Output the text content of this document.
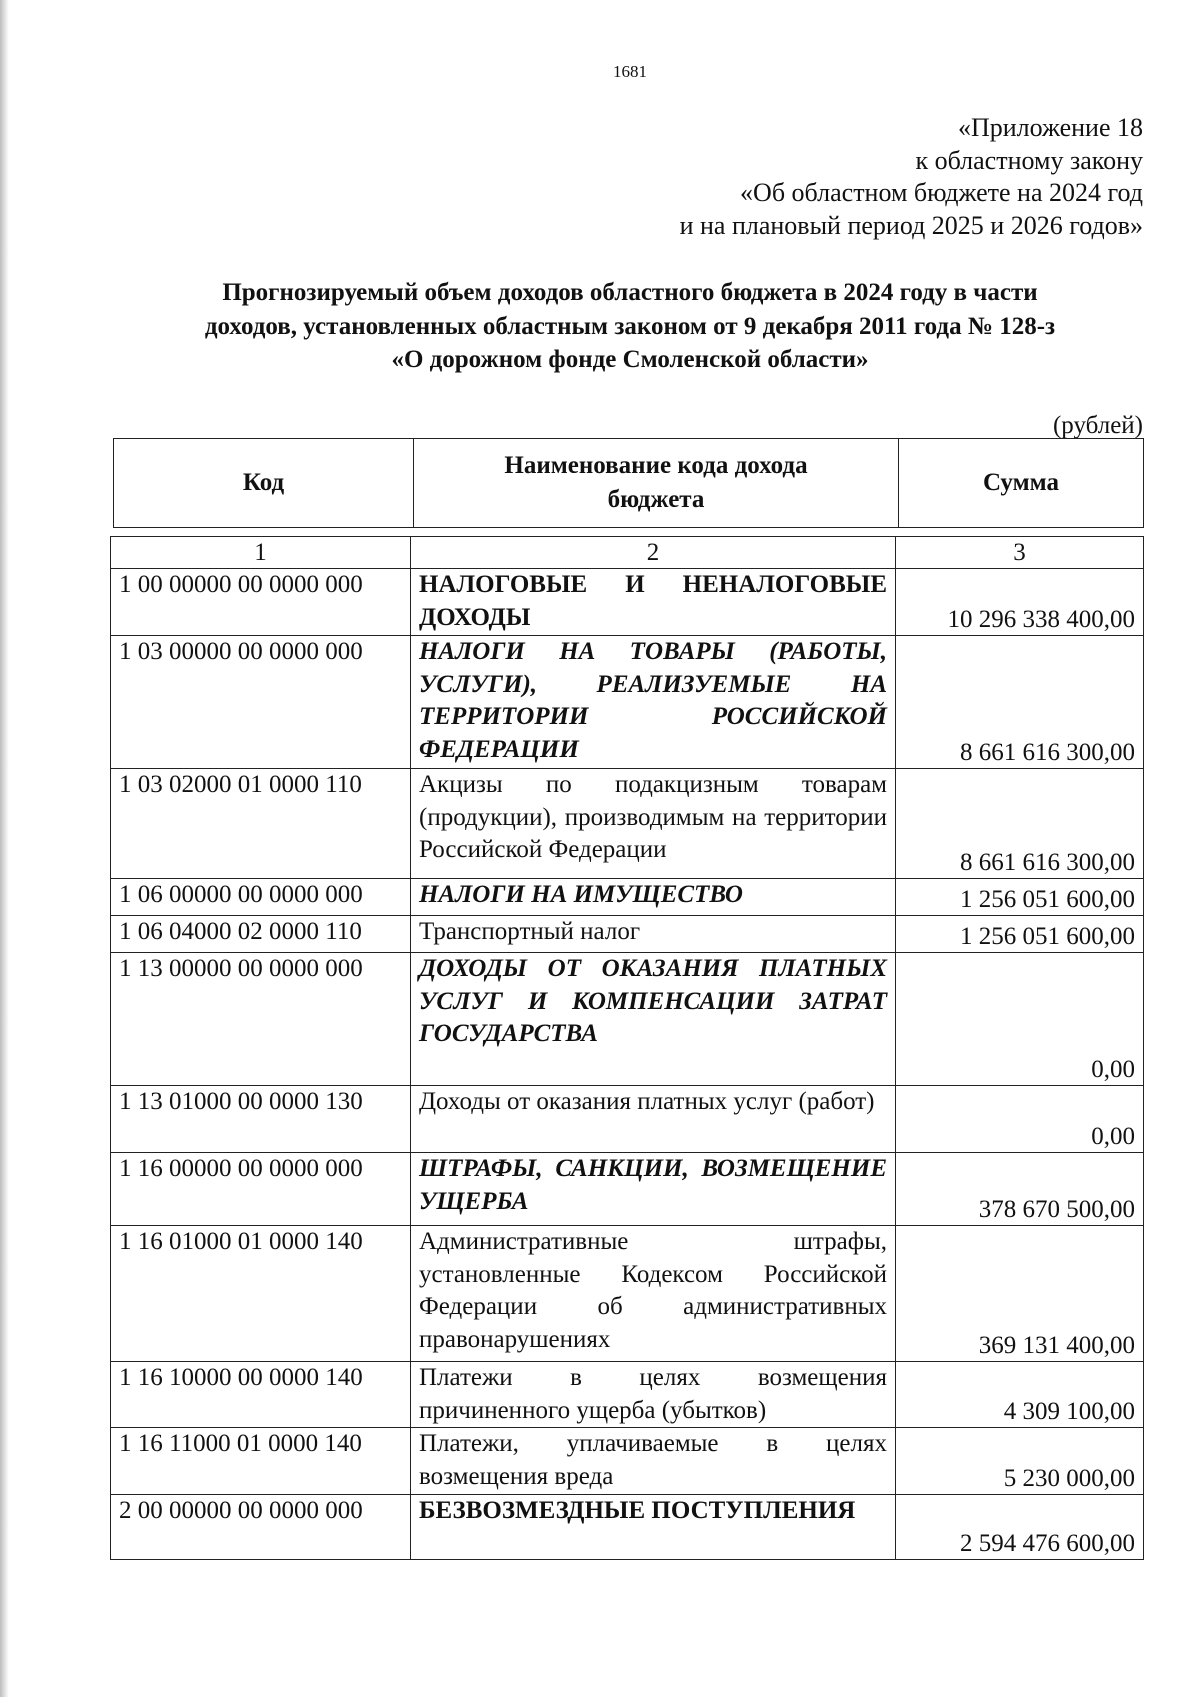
1681
«Приложение 18
к областному закону
«Об областном бюджете на 2024 год
и на плановый период 2025 и 2026 годов»
Прогнозируемый объем доходов областного бюджета в 2024 году в части
доходов, установленных областным законом от 9 декабря 2011 года № 128-з
«О дорожном фонде Смоленской области»
(рублей)
Код	Наименование кода дохода бюджета	Сумма
1	2	3
1 00 00000 00 0000 000	НАЛОГОВЫЕ И НЕНАЛОГОВЫЕ ДОХОДЫ	10 296 338 400,00
1 03 00000 00 0000 000	НАЛОГИ НА ТОВАРЫ (РАБОТЫ, УСЛУГИ), РЕАЛИЗУЕМЫЕ НА ТЕРРИТОРИИ РОССИЙСКОЙ ФЕДЕРАЦИИ	8 661 616 300,00
1 03 02000 01 0000 110	Акцизы по подакцизным товарам (продукции), производимым на территории Российской Федерации	8 661 616 300,00
1 06 00000 00 0000 000	НАЛОГИ НА ИМУЩЕСТВО	1 256 051 600,00
1 06 04000 02 0000 110	Транспортный налог	1 256 051 600,00
1 13 00000 00 0000 000	ДОХОДЫ ОТ ОКАЗАНИЯ ПЛАТНЫХ УСЛУГ И КОМПЕНСАЦИИ ЗАТРАТ ГОСУДАРСТВА	0,00
1 13 01000 00 0000 130	Доходы от оказания платных услуг (работ)	0,00
1 16 00000 00 0000 000	ШТРАФЫ, САНКЦИИ, ВОЗМЕЩЕНИЕ УЩЕРБА	378 670 500,00
1 16 01000 01 0000 140	Административные штрафы, установленные Кодексом Российской Федерации об административных правонарушениях	369 131 400,00
1 16 10000 00 0000 140	Платежи в целях возмещения причиненного ущерба (убытков)	4 309 100,00
1 16 11000 01 0000 140	Платежи, уплачиваемые в целях возмещения вреда	5 230 000,00
2 00 00000 00 0000 000	БЕЗВОЗМЕЗДНЫЕ ПОСТУПЛЕНИЯ	2 594 476 600,00
